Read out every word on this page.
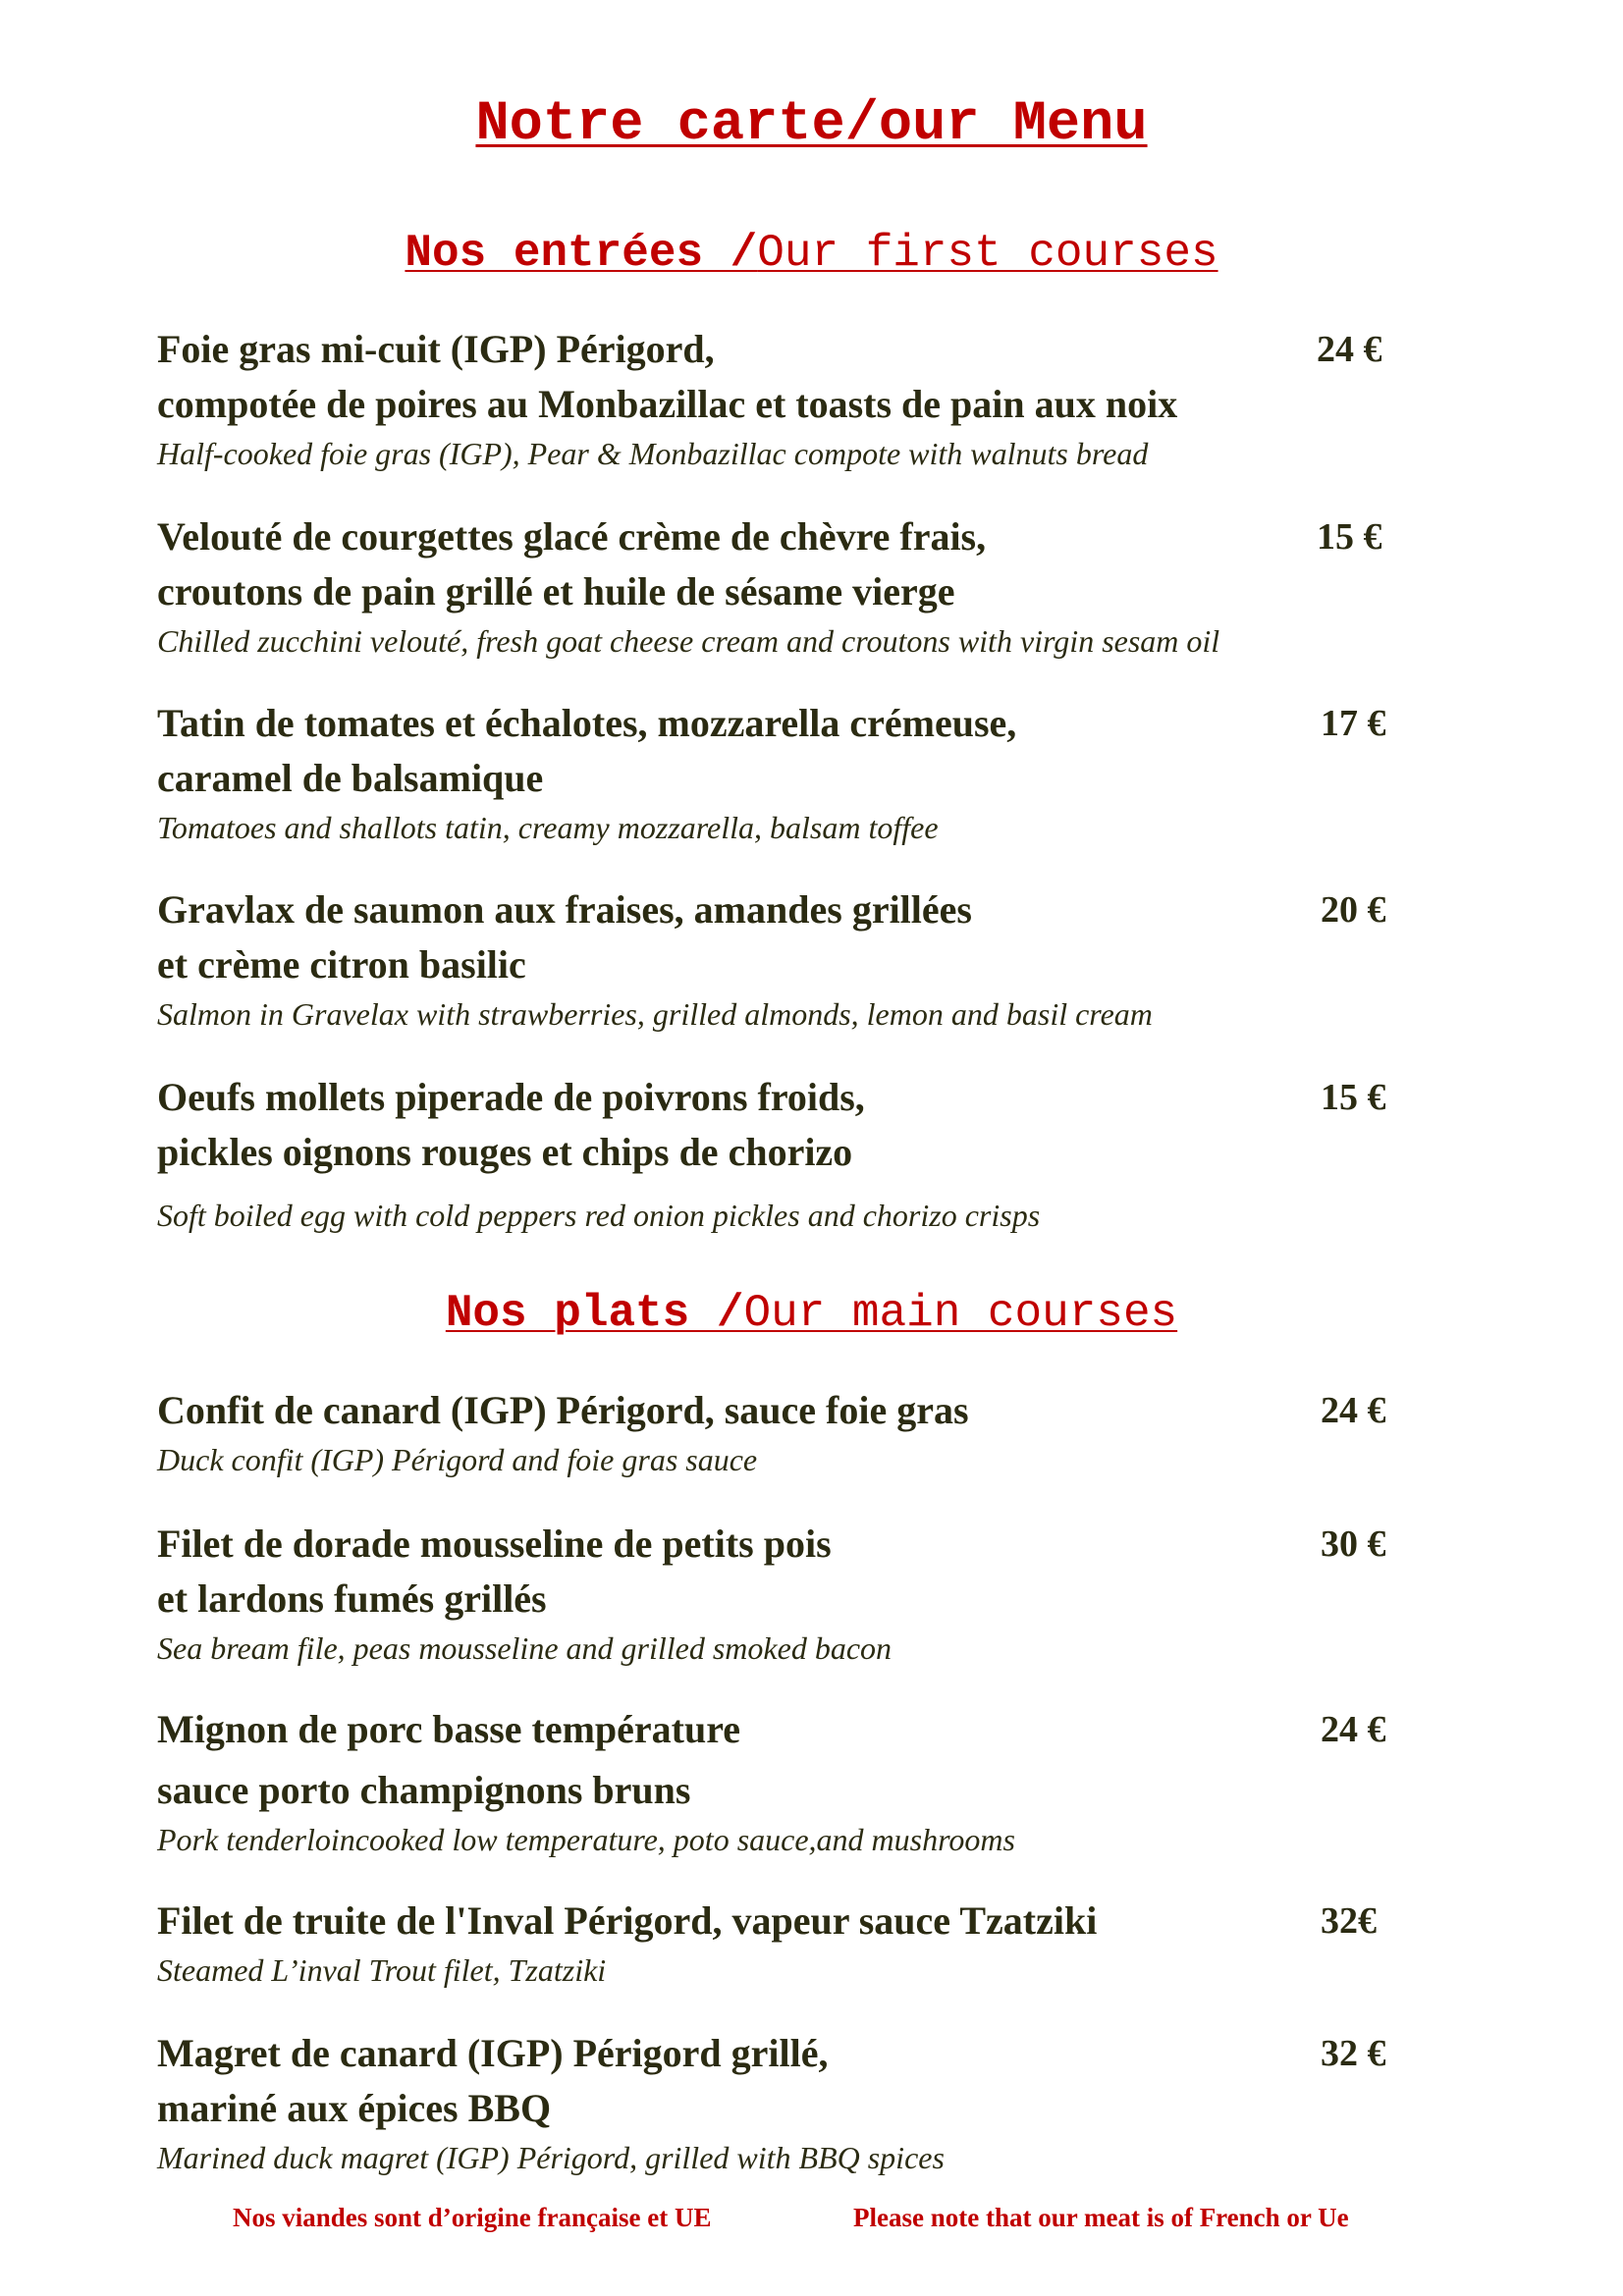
Notre carte/our Menu
Nos entrées /Our first courses
Foie gras mi-cuit (IGP) Périgord,
compotée de poires au Monbazillac et toasts de pain aux noix
Half-cooked foie gras (IGP), Pear & Monbazillac compote with walnuts bread
24 €
Velouté de courgettes glacé crème de chèvre frais,
croutons de pain grillé et huile de sésame vierge
Chilled zucchini velouté, fresh goat cheese cream and croutons with virgin sesam oil
15 €
Tatin de tomates et échalotes, mozzarella crémeuse,
caramel de balsamique
Tomatoes and shallots tatin, creamy mozzarella, balsam toffee
17 €
Gravlax de saumon aux fraises, amandes grillées
et crème citron basilic
Salmon in Gravelax with strawberries, grilled almonds, lemon and basil cream
20 €
Oeufs mollets piperade de poivrons froids,
pickles oignons rouges et chips de chorizo
Soft boiled egg with cold peppers red onion pickles and chorizo crisps
15 €
Nos plats /Our main courses
Confit de canard (IGP) Périgord, sauce foie gras
Duck confit (IGP) Périgord and foie gras sauce
24 €
Filet de dorade mousseline de petits pois
et lardons fumés grillés
Sea bream file, peas mousseline and grilled smoked bacon
30 €
Mignon de porc basse température
sauce porto champignons bruns
Pork tenderloincooked low temperature, poto sauce,and mushrooms
24 €
Filet de truite de l'Inval Périgord, vapeur sauce Tzatziki
Steamed L’inval Trout filet, Tzatziki
32€
Magret de canard (IGP) Périgord grillé,
mariné aux épices BBQ
Marined duck magret (IGP) Périgord, grilled with BBQ spices
32 €
Nos viandes sont d’origine française et UE	Please note that our meat is of French or Ue
